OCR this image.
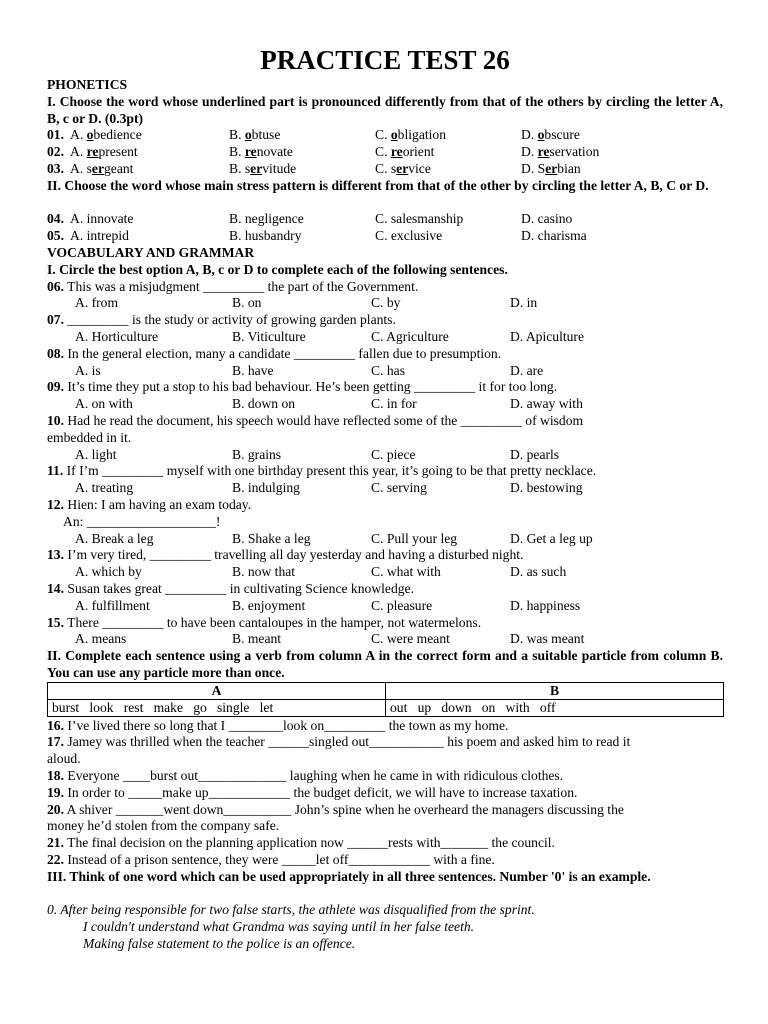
PRACTICE TEST 26
PHONETICS
I. Choose the word whose underlined part is pronounced differently from that of the others by circling the letter A, B, c or D. (0.3pt)
01. A. obedience	B. obtuse	C. obligation	D. obscure
02. A. represent	B. renovate	C. reorient	D. reservation
03. A. sergeant	B. servitude	C. service	D. Serbian
II. Choose the word whose main stress pattern is different from that of the other by circling the letter A, B, C or D.
04. A. innovate	B. negligence	C. salesmanship	D. casino
05. A. intrepid	B. husbandry	C. exclusive	D. charisma
VOCABULARY AND GRAMMAR
I. Circle the best option A, B, c or D to complete each of the following sentences.
06. This was a misjudgment _________ the part of the Government.
A. from	B. on	C. by	D. in
07. _________ is the study or activity of growing garden plants.
A. Horticulture	B. Viticulture	C. Agriculture	D. Apiculture
08. In the general election, many a candidate _________ fallen due to presumption.
A. is	B. have	C. has	D. are
09. It’s time they put a stop to his bad behaviour. He’s been getting _________ it for too long.
A. on with	B. down on	C. in for	D. away with
10. Had he read the document, his speech would have reflected some of the _________ of wisdom
embedded in it.
A. light	B. grains	C. piece	D. pearls
11. If I’m _________ myself with one birthday present this year, it’s going to be that pretty necklace.
A. treating	B. indulging	C. serving	D. bestowing
12. Hien: I am having an exam today.
An: ___________________!
A. Break a leg	B. Shake a leg	C. Pull your leg	D. Get a leg up
13. I’m very tired, _________ travelling all day yesterday and having a disturbed night.
A. which by	B. now that	C. what with	D. as such
14. Susan takes great _________ in cultivating Science knowledge.
A. fulfillment	B. enjoyment	C. pleasure	D. happiness
15. There _________ to have been cantaloupes in the hamper, not watermelons.
A. means	B. meant	C. were meant	D. was meant
II. Complete each sentence using a verb from column A in the correct form and a suitable particle from column B. You can use any particle more than once.
A	B
burst   look   rest   make   go   single   let	out   up   down   on   with   off
16. I’ve lived there so long that I ________look on_________ the town as my home.
17. Jamey was thrilled when the teacher ______singled out___________ his poem and asked him to read it
aloud.
18. Everyone ____burst out_____________ laughing when he came in with ridiculous clothes.
19. In order to _____make up____________ the budget deficit, we will have to increase taxation.
20. A shiver _______went down__________ John’s spine when he overheard the managers discussing the
money he’d stolen from the company safe.
21. The final decision on the planning application now ______rests with_______ the council.
22. Instead of a prison sentence, they were _____let off____________ with a fine.
III. Think of one word which can be used appropriately in all three sentences. Number '0' is an example.
0. After being responsible for two false starts, the athlete was disqualified from the sprint.
I couldn't understand what Grandma was saying until in her false teeth.
Making false statement to the police is an offence.
